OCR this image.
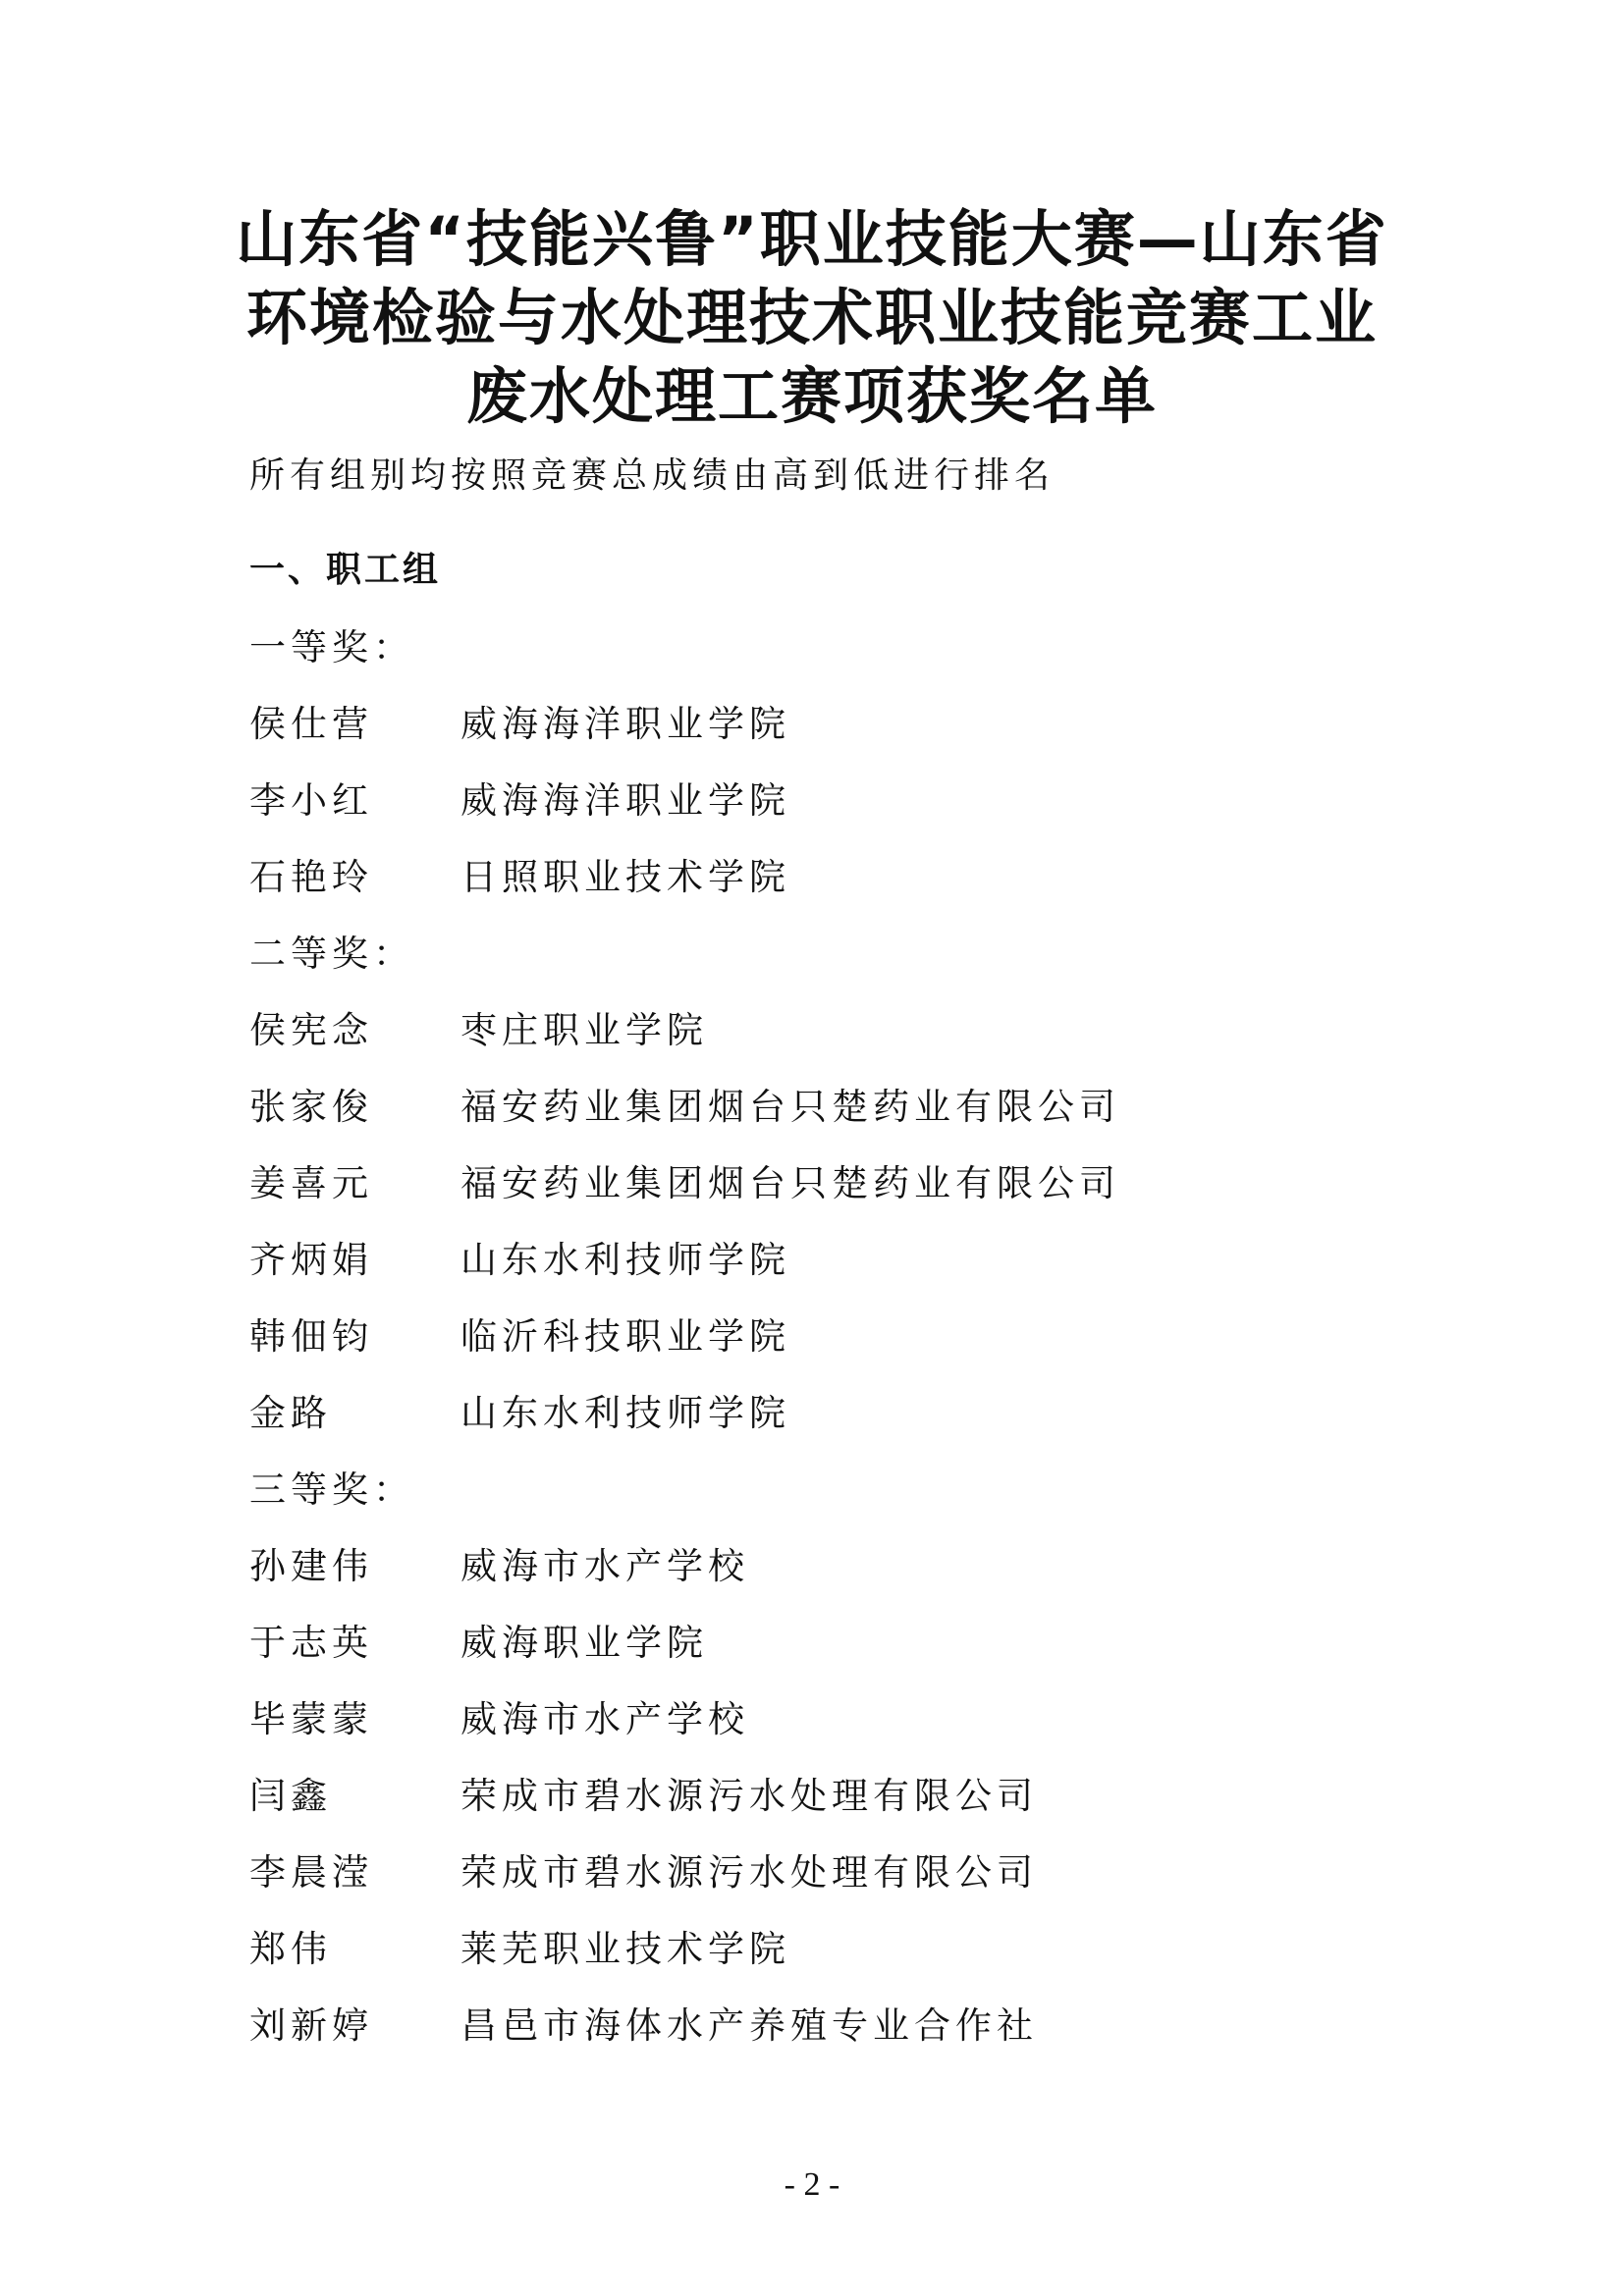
山东省“技能兴鲁”职业技能大赛—山东省
环境检验与水处理技术职业技能竞赛工业
废水处理工赛项获奖名单
所有组别均按照竞赛总成绩由高到低进行排名
一、职工组
一等奖：
侯仕营 威海海洋职业学院
李小红 威海海洋职业学院
石艳玲 日照职业技术学院
二等奖：
侯宪念 枣庄职业学院
张家俊 福安药业集团烟台只楚药业有限公司
姜喜元 福安药业集团烟台只楚药业有限公司
齐炳娟 山东水利技师学院
韩佃钧 临沂科技职业学院
金路	山东水利技师学院
三等奖：
孙建伟 威海市水产学校
于志英 威海职业学院
毕蒙蒙 威海市水产学校
闫鑫	荣成市碧水源污水处理有限公司
李晨滢 荣成市碧水源污水处理有限公司
郑伟	莱芜职业技术学院
刘新婷 昌邑市海体水产养殖专业合作社
- 2 -
